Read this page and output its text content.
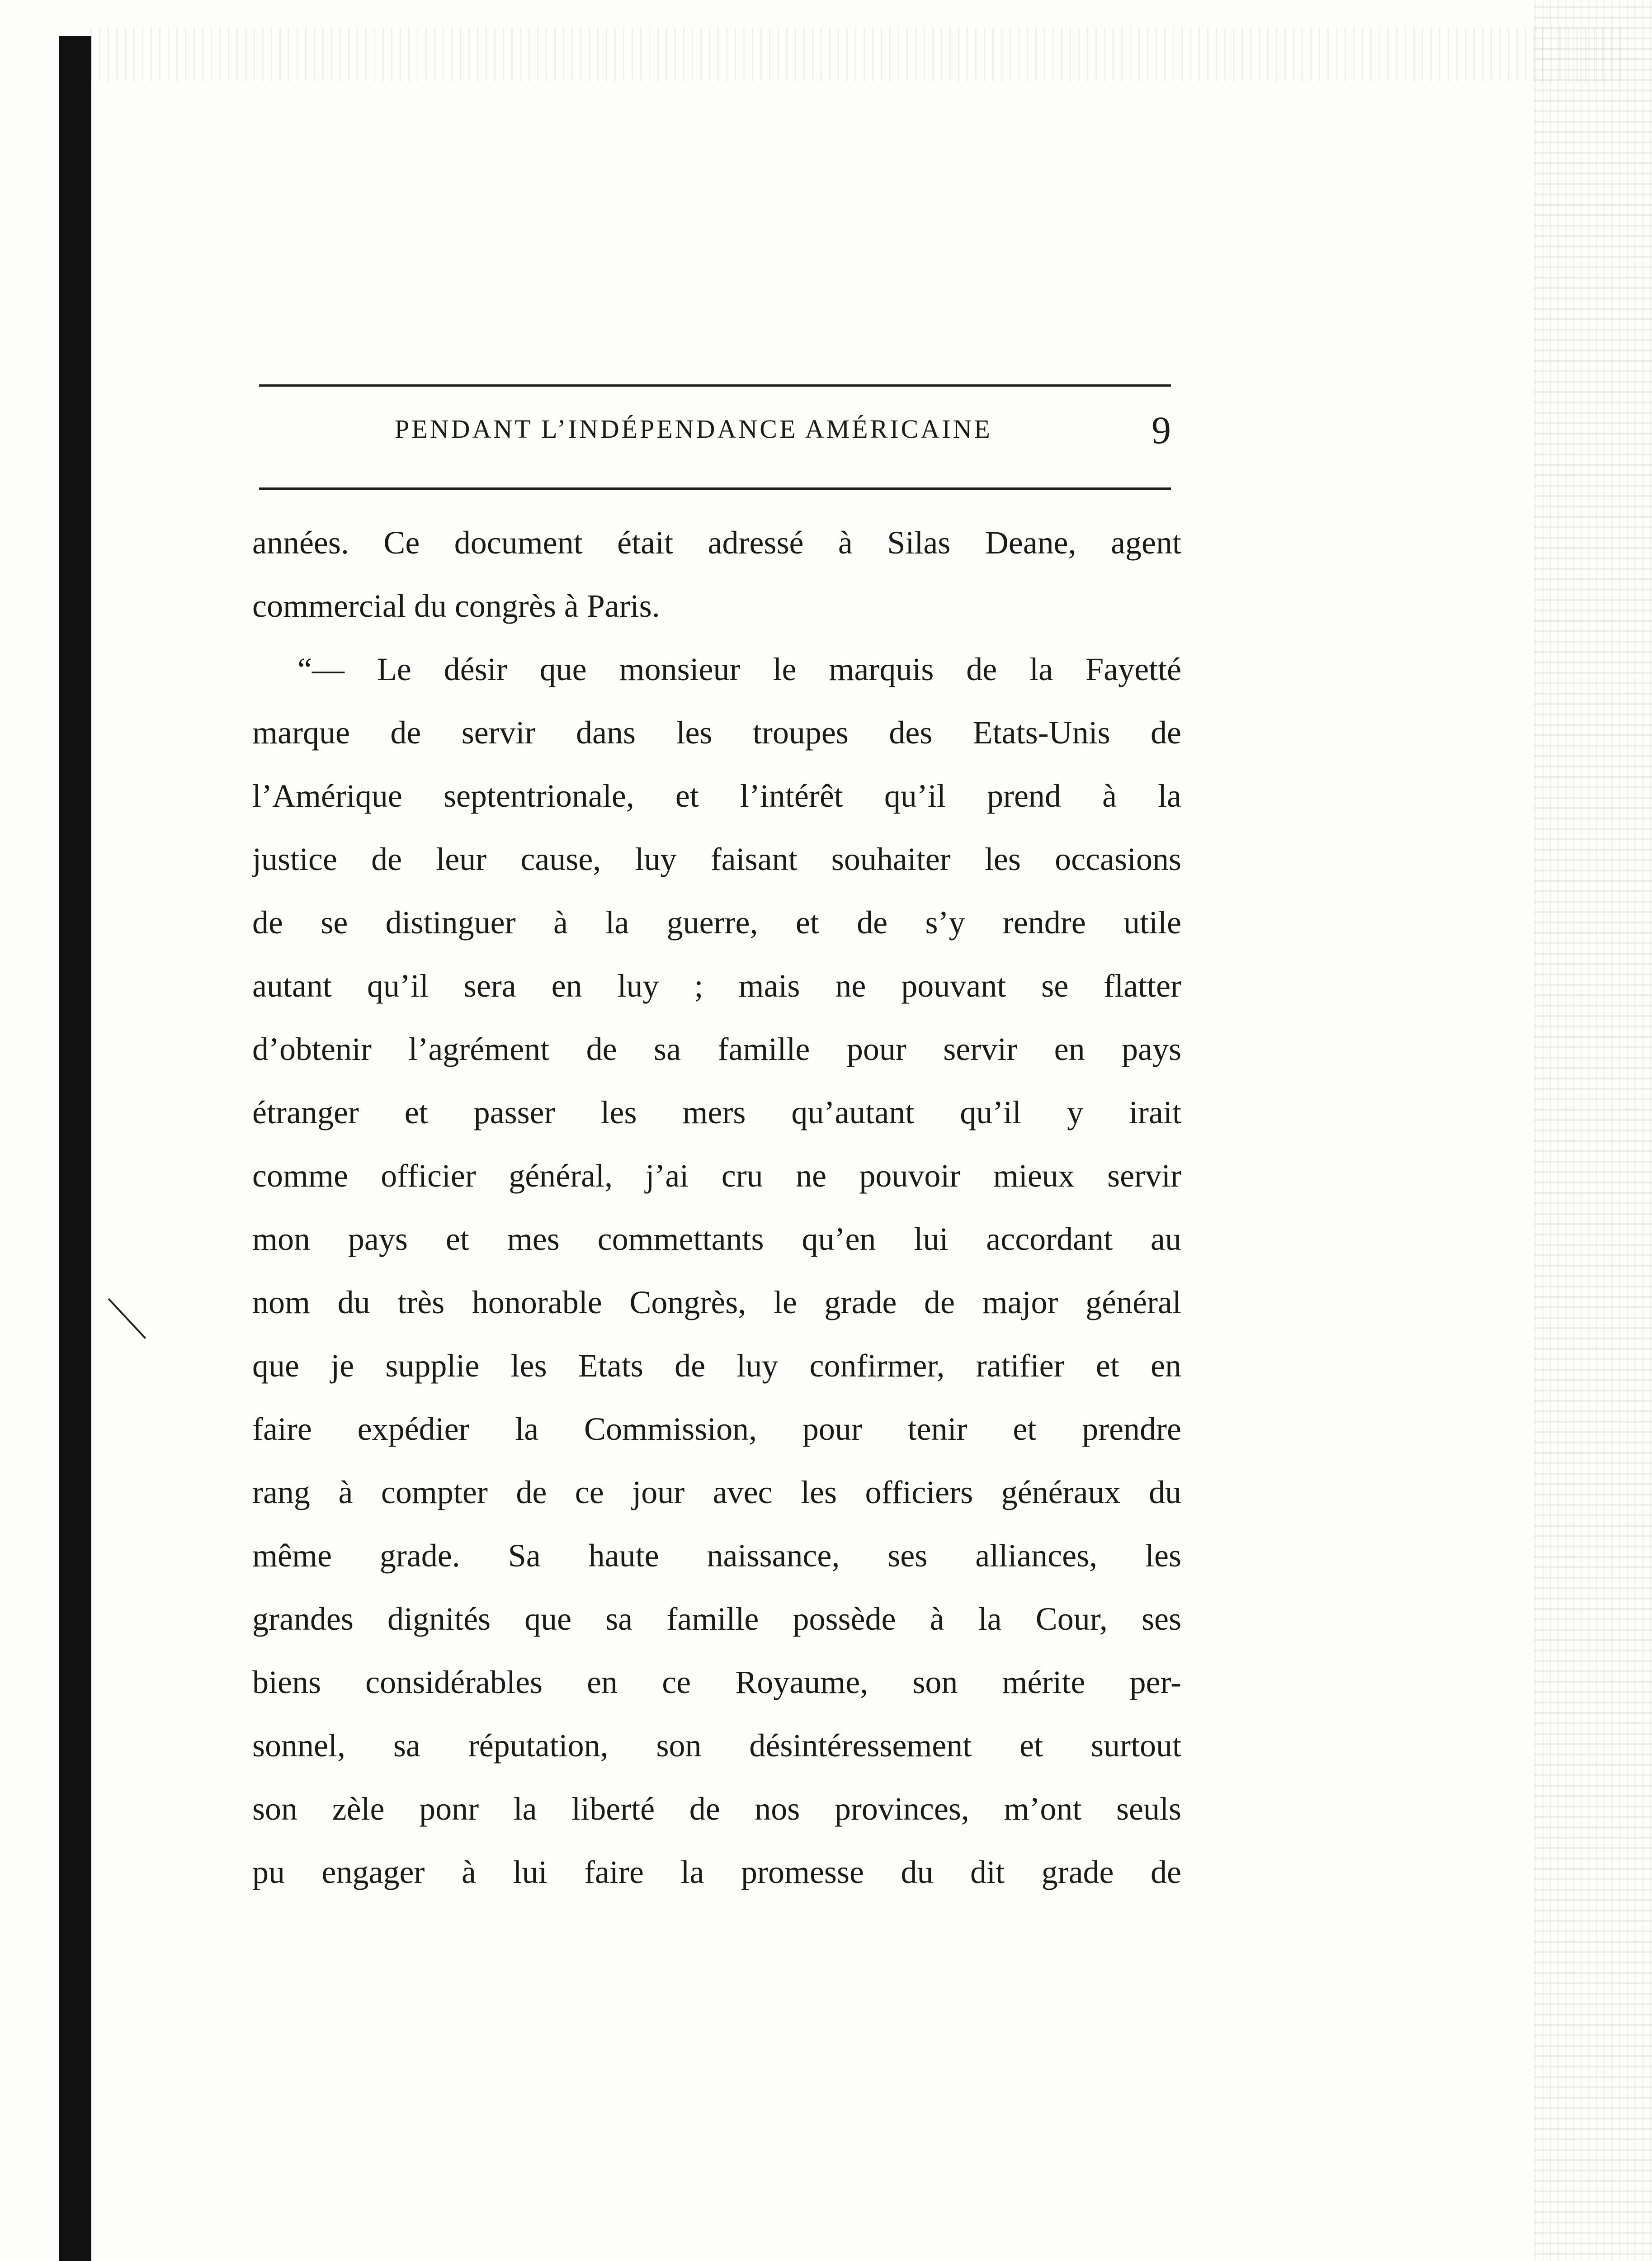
PENDANT L’INDÉPENDANCE AMÉRICAINE	9
années. Ce document était adressé à Silas Deane, agent
commercial du congrès à Paris.
“— Le désir que monsieur le marquis de la Fayetté
marque de servir dans les troupes des Etats-Unis de
l’Amérique septentrionale, et l’intérêt qu’il prend à la
justice de leur cause, luy faisant souhaiter les occasions
de se distinguer à la guerre, et de s’y rendre utile
autant qu’il sera en luy ; mais ne pouvant se flatter
d’obtenir l’agrément de sa famille pour servir en pays
étranger et passer les mers qu’autant qu’il y irait
comme officier général, j’ai cru ne pouvoir mieux servir
mon pays et mes commettants qu’en lui accordant au
nom du très honorable Congrès, le grade de major général
que je supplie les Etats de luy confirmer, ratifier et en
faire expédier la Commission, pour tenir et prendre
rang à compter de ce jour avec les officiers généraux du
même grade. Sa haute naissance, ses alliances, les
grandes dignités que sa famille possède à la Cour, ses
biens considérables en ce Royaume, son mérite per-
sonnel, sa réputation, son désintéressement et surtout
son zèle ponr la liberté de nos provinces, m’ont seuls
pu engager à lui faire la promesse du dit grade de
